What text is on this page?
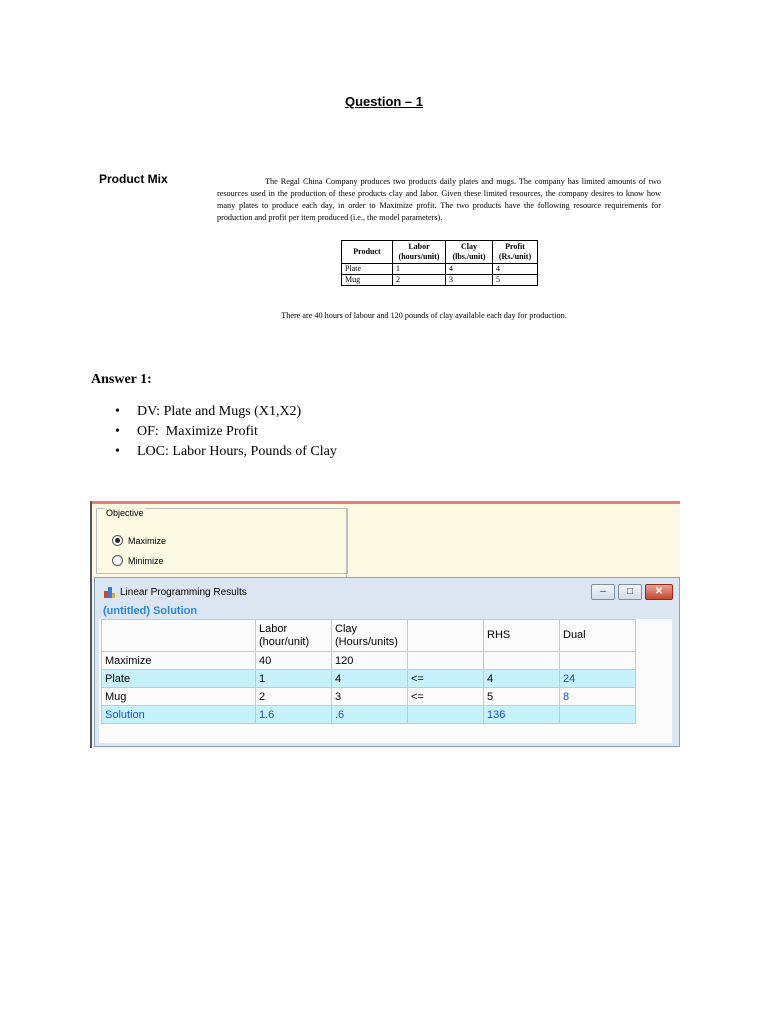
Question – 1
Product Mix	The Regal China Company produces two products daily plates and mugs. The company has limited amounts of two resources used in the production of these products clay and labor. Given these limited resources, the company desires to know how many plates to produce each day, in order to Maximize profit. The two products have the following resource requirements for production and profit per item produced (i.e., the model parameters).
Product	Labor (hours/unit)	Clay (lbs./unit)	Profit (Rs./unit)
Plate	1	4	4
Mug	2	3	5
There are 40 hours of labour and 120 pounds of clay available each day for production.
Answer 1:
• DV: Plate and Mugs (X1,X2)
• OF:  Maximize Profit
• LOC: Labor Hours, Pounds of Clay
Objective
Maximize
Minimize
Linear Programming Results	–	□	✕
(untitled) Solution
	Labor
(hour/unit)	Clay
(Hours/units)		RHS	Dual
Maximize	40	120			
Plate	1	4	<=	4	24
Mug	2	3	<=	5	8
Solution	1.6	.6		136	
